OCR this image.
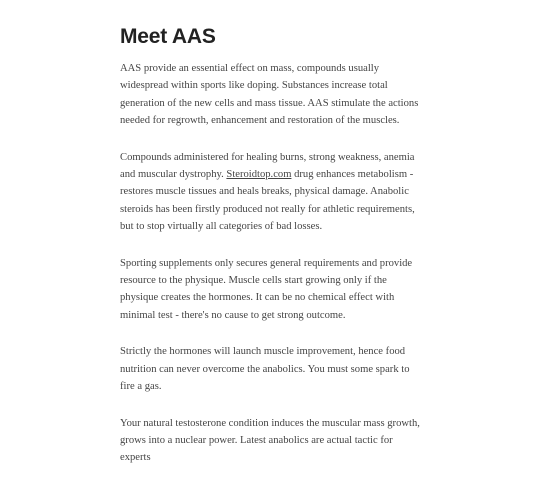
Meet AAS

AAS provide an essential effect on mass, compounds usually widespread within sports like doping. Substances increase total generation of the new cells and mass tissue. AAS stimulate the actions needed for regrowth, enhancement and restoration of the muscles.

Compounds administered for healing burns, strong weakness, anemia and muscular dystrophy. Steroidtop.com drug enhances metabolism - restores muscle tissues and heals breaks, physical damage. Anabolic steroids has been firstly produced not really for athletic requirements, but to stop virtually all categories of bad losses.

Sporting supplements only secures general requirements and provide resource to the physique. Muscle cells start growing only if the physique creates the hormones. It can be no chemical effect with minimal test - there's no cause to get strong outcome.

Strictly the hormones will launch muscle improvement, hence food nutrition can never overcome the anabolics. You must some spark to fire a gas.

Your natural testosterone condition induces the muscular mass growth, grows into a nuclear power. Latest anabolics are actual tactic for experts
